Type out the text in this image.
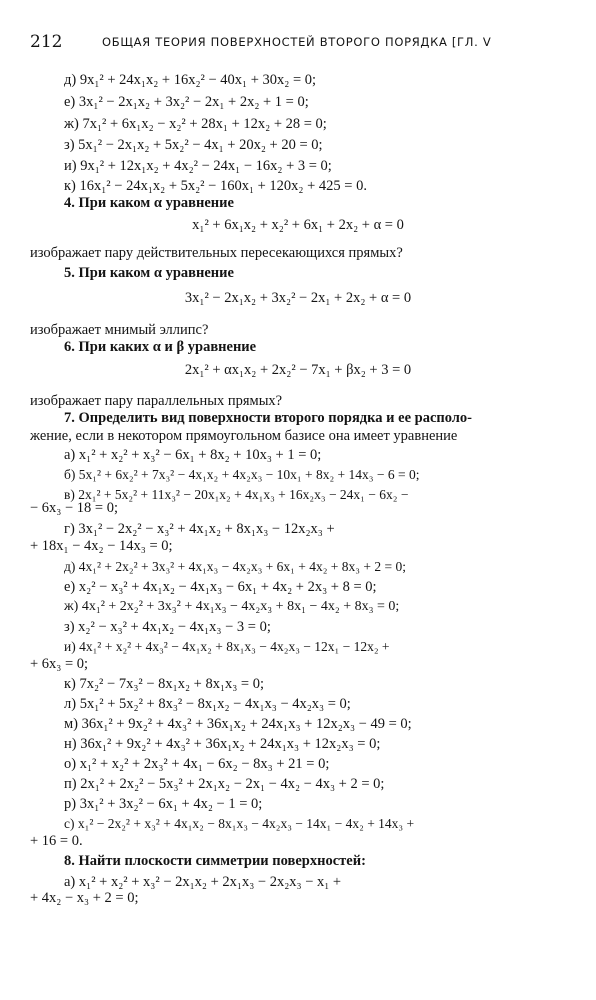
212	ОБЩАЯ ТЕОРИЯ ПОВЕРХНОСТЕЙ ВТОРОГО ПОРЯДКА [ГЛ. V
д) 9x₁² + 24x₁x₂ + 16x₂² − 40x₁ + 30x₂ = 0;
е) 3x₁² − 2x₁x₂ + 3x₂² − 2x₁ + 2x₂ + 1 = 0;
ж) 7x₁² + 6x₁x₂ − x₂² + 28x₁ + 12x₂ + 28 = 0;
з) 5x₁² − 2x₁x₂ + 5x₂² − 4x₁ + 20x₂ + 20 = 0;
и) 9x₁² + 12x₁x₂ + 4x₂² − 24x₁ − 16x₂ + 3 = 0;
к) 16x₁² − 24x₁x₂ + 5x₂² − 160x₁ + 120x₂ + 425 = 0.
4. При каком α уравнение
x₁² + 6x₁x₂ + x₂² + 6x₁ + 2x₂ + α = 0
изображает пару действительных пересекающихся прямых?
5. При каком α уравнение
3x₁² − 2x₁x₂ + 3x₂² − 2x₁ + 2x₂ + α = 0
изображает мнимый эллипс?
6. При каких α и β уравнение
2x₁² + αx₁x₂ + 2x₂² − 7x₁ + βx₂ + 3 = 0
изображает пару параллельных прямых?
7. Определить вид поверхности второго порядка и ее располо-
жение, если в некотором прямоугольном базисе она имеет уравнение
а) x₁² + x₂² + x₃² − 6x₁ + 8x₂ + 10x₃ + 1 = 0;
б) 5x₁² + 6x₂² + 7x₃² − 4x₁x₂ + 4x₂x₃ − 10x₁ + 8x₂ + 14x₃ − 6 = 0;
в) 2x₁² + 5x₂² + 11x₃² − 20x₁x₂ + 4x₁x₃ + 16x₂x₃ − 24x₁ − 6x₂ −
− 6x₃ − 18 = 0;
г) 3x₁² − 2x₂² − x₃² + 4x₁x₂ + 8x₁x₃ − 12x₂x₃ +
+ 18x₁ − 4x₂ − 14x₃ = 0;
д) 4x₁² + 2x₂² + 3x₃² + 4x₁x₃ − 4x₂x₃ + 6x₁ + 4x₂ + 8x₃ + 2 = 0;
е) x₂² − x₃² + 4x₁x₂ − 4x₁x₃ − 6x₁ + 4x₂ + 2x₃ + 8 = 0;
ж) 4x₁² + 2x₂² + 3x₃² + 4x₁x₃ − 4x₂x₃ + 8x₁ − 4x₂ + 8x₃ = 0;
з) x₂² − x₃² + 4x₁x₂ − 4x₁x₃ − 3 = 0;
и) 4x₁² + x₂² + 4x₃² − 4x₁x₂ + 8x₁x₃ − 4x₂x₃ − 12x₁ − 12x₂ +
+ 6x₃ = 0;
к) 7x₂² − 7x₃² − 8x₁x₂ + 8x₁x₃ = 0;
л) 5x₁² + 5x₂² + 8x₃² − 8x₁x₂ − 4x₁x₃ − 4x₂x₃ = 0;
м) 36x₁² + 9x₂² + 4x₃² + 36x₁x₂ + 24x₁x₃ + 12x₂x₃ − 49 = 0;
н) 36x₁² + 9x₂² + 4x₃² + 36x₁x₂ + 24x₁x₃ + 12x₂x₃ = 0;
о) x₁² + x₂² + 2x₃² + 4x₁ − 6x₂ − 8x₃ + 21 = 0;
п) 2x₁² + 2x₂² − 5x₃² + 2x₁x₂ − 2x₁ − 4x₂ − 4x₃ + 2 = 0;
р) 3x₁² + 3x₂² − 6x₁ + 4x₂ − 1 = 0;
с) x₁² − 2x₂² + x₃² + 4x₁x₂ − 8x₁x₃ − 4x₂x₃ − 14x₁ − 4x₂ + 14x₃ +
+ 16 = 0.
8. Найти плоскости симметрии поверхностей:
а) x₁² + x₂² + x₃² − 2x₁x₂ + 2x₁x₃ − 2x₂x₃ − x₁ +
+ 4x₂ − x₃ + 2 = 0;
